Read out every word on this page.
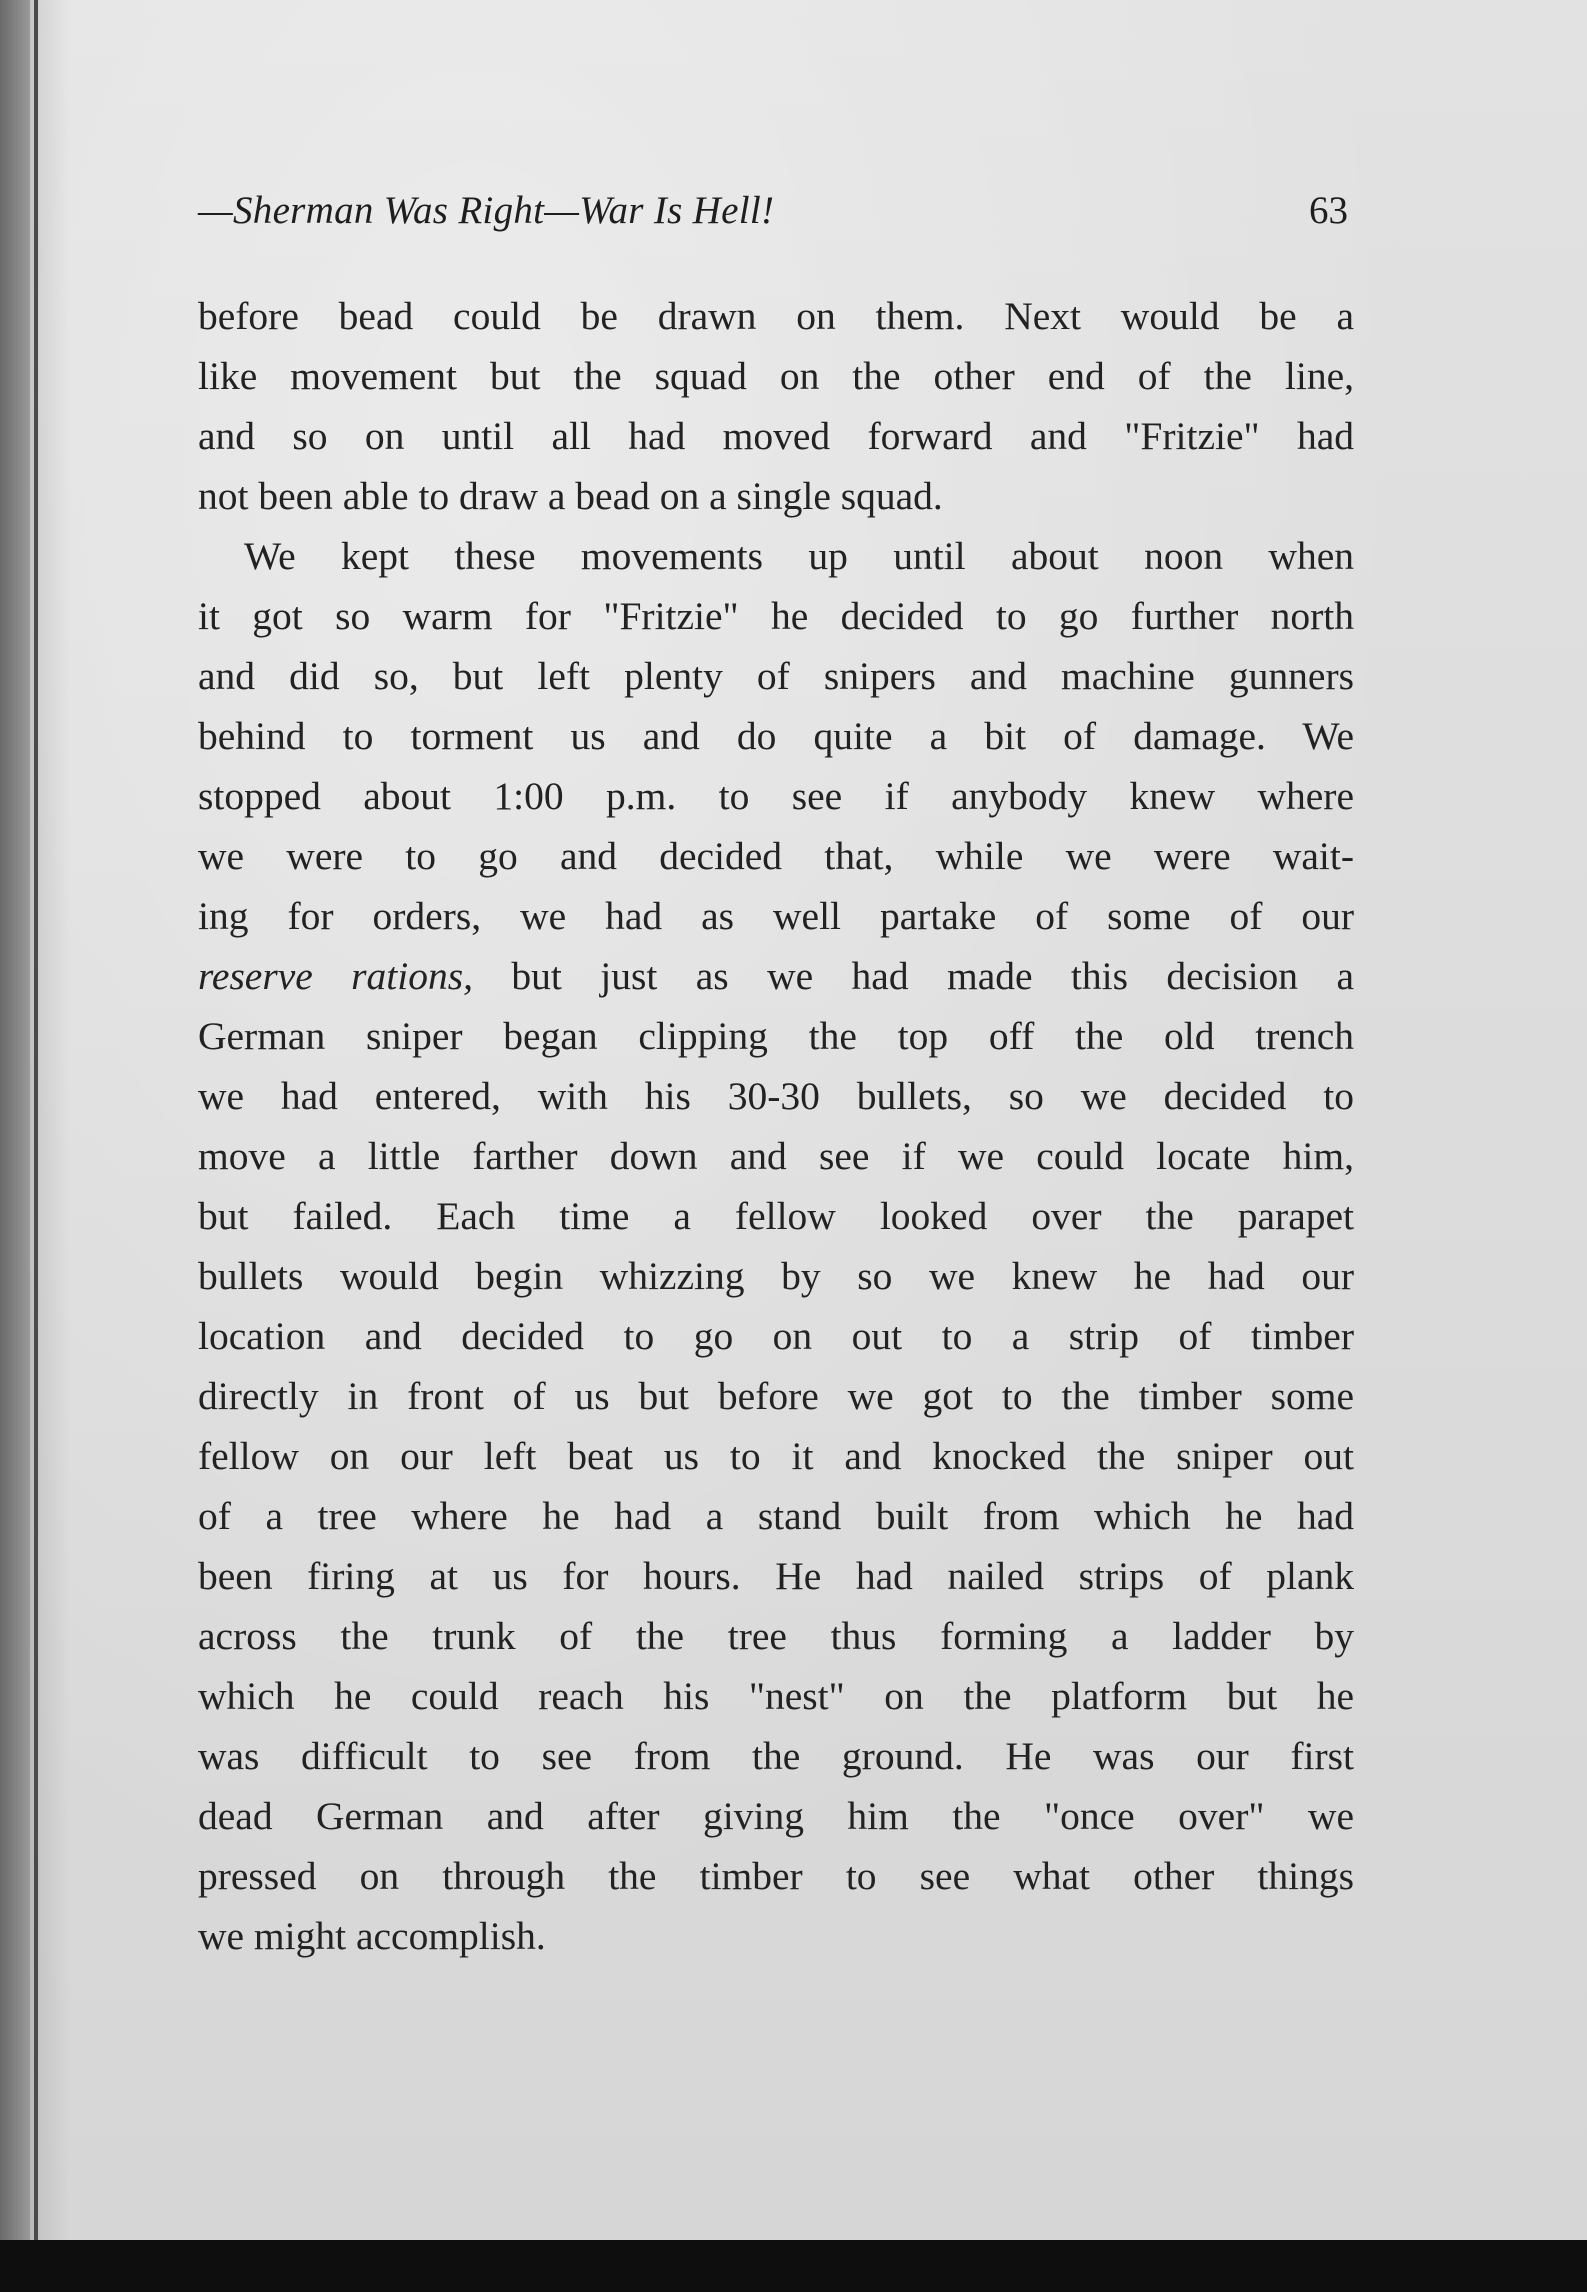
—Sherman Was Right—War Is Hell!	63
before bead could be drawn on them. Next would be a
like movement but the squad on the other end of the line,
and so on until all had moved forward and "Fritzie" had
not been able to draw a bead on a single squad.
We kept these movements up until about noon when
it got so warm for "Fritzie" he decided to go further north
and did so, but left plenty of snipers and machine gunners
behind to torment us and do quite a bit of damage. We
stopped about 1:00 p.m. to see if anybody knew where
we were to go and decided that, while we were wait-
ing for orders, we had as well partake of some of our
reserve rations, but just as we had made this decision a
German sniper began clipping the top off the old trench
we had entered, with his 30-30 bullets, so we decided to
move a little farther down and see if we could locate him,
but failed. Each time a fellow looked over the parapet
bullets would begin whizzing by so we knew he had our
location and decided to go on out to a strip of timber
directly in front of us but before we got to the timber some
fellow on our left beat us to it and knocked the sniper out
of a tree where he had a stand built from which he had
been firing at us for hours. He had nailed strips of plank
across the trunk of the tree thus forming a ladder by
which he could reach his "nest" on the platform but he
was difficult to see from the ground. He was our first
dead German and after giving him the "once over" we
pressed on through the timber to see what other things
we might accomplish.
